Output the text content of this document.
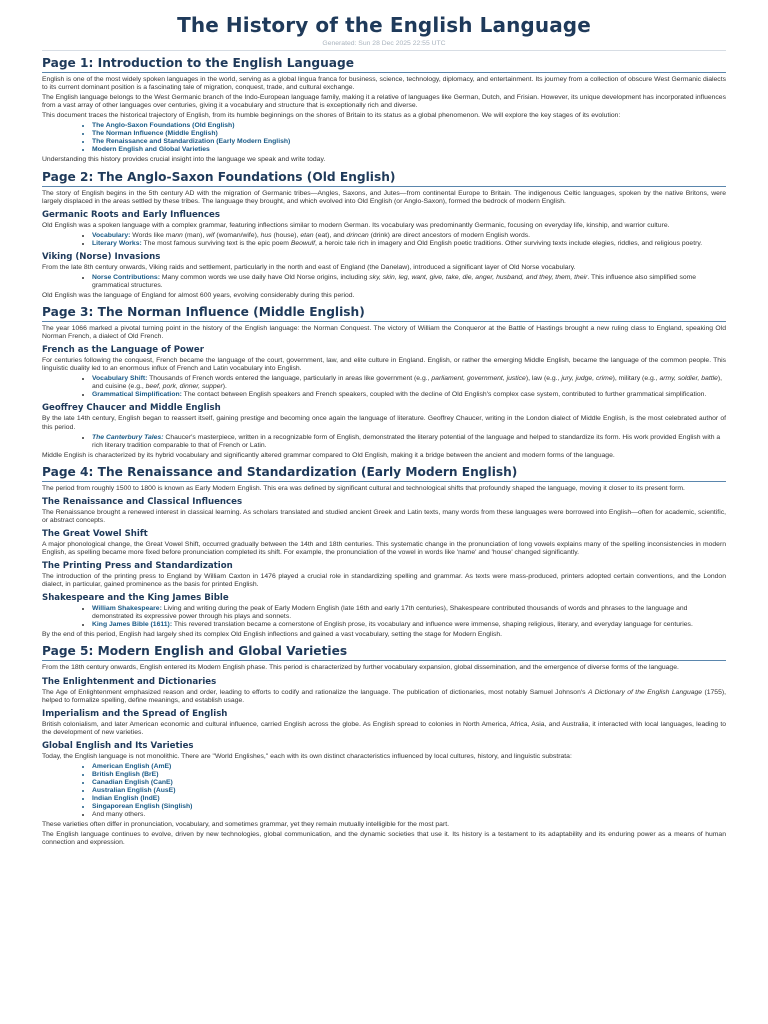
The History of the English Language
Generated: Sun 28 Dec 2025 22:55 UTC
Page 1: Introduction to the English Language

English is one of the most widely spoken languages in the world, serving as a global lingua franca for business, science, technology, diplomacy, and entertainment. Its journey from a collection of obscure West Germanic dialects to its current dominant position is a fascinating tale of migration, conquest, trade, and cultural exchange.

The English language belongs to the West Germanic branch of the Indo-European language family, making it a relative of languages like German, Dutch, and Frisian. However, its unique development has incorporated influences from a vast array of other languages over centuries, giving it a vocabulary and structure that is exceptionally rich and diverse.

This document traces the historical trajectory of English, from its humble beginnings on the shores of Britain to its status as a global phenomenon. We will explore the key stages of its evolution:

• The Anglo-Saxon Foundations (Old English)
• The Norman Influence (Middle English)
• The Renaissance and Standardization (Early Modern English)
• Modern English and Global Varieties

Understanding this history provides crucial insight into the language we speak and write today.

Page 2: The Anglo-Saxon Foundations (Old English)

The story of English begins in the 5th century AD with the migration of Germanic tribes—Angles, Saxons, and Jutes—from continental Europe to Britain. The indigenous Celtic languages, spoken by the native Britons, were largely displaced in the areas settled by these tribes. The language they brought, and which evolved into Old English (or Anglo-Saxon), formed the bedrock of modern English.

Germanic Roots and Early Influences

Old English was a spoken language with a complex grammar, featuring inflections similar to modern German. Its vocabulary was predominantly Germanic, focusing on everyday life, kinship, and warrior culture.

• Vocabulary: Words like mann (man), wif (woman/wife), hus (house), etan (eat), and drincan (drink) are direct ancestors of modern English words.
• Literary Works: The most famous surviving text is the epic poem Beowulf, a heroic tale rich in imagery and Old English poetic traditions. Other surviving texts include elegies, riddles, and religious poetry.
Viking (Norse) Invasions

From the late 8th century onwards, Viking raids and settlement, particularly in the north and east of England (the Danelaw), introduced a significant layer of Old Norse vocabulary.

• Norse Contributions: Many common words we use daily have Old Norse origins, including sky, skin, leg, want, give, take, die, anger, husband, and they, them, their. This influence also simplified some grammatical structures.

Old English was the language of England for almost 600 years, evolving considerably during this period.

Page 3: The Norman Influence (Middle English)

The year 1066 marked a pivotal turning point in the history of the English language: the Norman Conquest. The victory of William the Conqueror at the Battle of Hastings brought a new ruling class to England, speaking Old Norman French, a dialect of Old French.

French as the Language of Power

For centuries following the conquest, French became the language of the court, government, law, and elite culture in England. English, or rather the emerging Middle English, became the language of the common people. This linguistic duality led to an enormous influx of French and Latin vocabulary into English.

• Vocabulary Shift: Thousands of French words entered the language, particularly in areas like government (e.g., parliament, government, justice), law (e.g., jury, judge, crime), military (e.g., army, soldier, battle), and cuisine (e.g., beef, pork, dinner, supper).
• Grammatical Simplification: The contact between English speakers and French speakers, coupled with the decline of Old English's complex case system, contributed to further grammatical simplification.
Geoffrey Chaucer and Middle English

By the late 14th century, English began to reassert itself, gaining prestige and becoming once again the language of literature. Geoffrey Chaucer, writing in the London dialect of Middle English, is the most celebrated author of this period.

• The Canterbury Tales: Chaucer's masterpiece, written in a recognizable form of English, demonstrated the literary potential of the language and helped to standardize its form. His work provided English with a rich literary tradition comparable to that of French or Latin.

Middle English is characterized by its hybrid vocabulary and significantly altered grammar compared to Old English, making it a bridge between the ancient and modern forms of the language.

Page 4: The Renaissance and Standardization (Early Modern English)

The period from roughly 1500 to 1800 is known as Early Modern English. This era was defined by significant cultural and technological shifts that profoundly shaped the language, moving it closer to its present form.

The Renaissance and Classical Influences

The Renaissance brought a renewed interest in classical learning. As scholars translated and studied ancient Greek and Latin texts, many words from these languages were borrowed into English—often for academic, scientific, or abstract concepts.

The Great Vowel Shift

A major phonological change, the Great Vowel Shift, occurred gradually between the 14th and 18th centuries. This systematic change in the pronunciation of long vowels explains many of the spelling inconsistencies in modern English, as spelling became more fixed before pronunciation completed its shift. For example, the pronunciation of the vowel in words like 'name' and 'house' changed significantly.

The Printing Press and Standardization

The introduction of the printing press to England by William Caxton in 1476 played a crucial role in standardizing spelling and grammar. As texts were mass-produced, printers adopted certain conventions, and the London dialect, in particular, gained prominence as the basis for printed English.

Shakespeare and the King James Bible
• William Shakespeare: Living and writing during the peak of Early Modern English (late 16th and early 17th centuries), Shakespeare contributed thousands of words and phrases to the language and demonstrated its expressive power through his plays and sonnets.
• King James Bible (1611): This revered translation became a cornerstone of English prose, its vocabulary and influence were immense, shaping religious, literary, and everyday language for centuries.

By the end of this period, English had largely shed its complex Old English inflections and gained a vast vocabulary, setting the stage for Modern English.

Page 5: Modern English and Global Varieties

From the 18th century onwards, English entered its Modern English phase. This period is characterized by further vocabulary expansion, global dissemination, and the emergence of diverse forms of the language.

The Enlightenment and Dictionaries

The Age of Enlightenment emphasized reason and order, leading to efforts to codify and rationalize the language. The publication of dictionaries, most notably Samuel Johnson's A Dictionary of the English Language (1755), helped to formalize spelling, define meanings, and establish usage.

Imperialism and the Spread of English

British colonialism, and later American economic and cultural influence, carried English across the globe. As English spread to colonies in North America, Africa, Asia, and Australia, it interacted with local languages, leading to the development of new varieties.

Global English and Its Varieties

Today, the English language is not monolithic. There are "World Englishes," each with its own distinct characteristics influenced by local cultures, history, and linguistic substrata:

• American English (AmE)
• British English (BrE)
• Canadian English (CanE)
• Australian English (AusE)
• Indian English (IndE)
• Singaporean English (Singlish)
• And many others.

These varieties often differ in pronunciation, vocabulary, and sometimes grammar, yet they remain mutually intelligible for the most part.

The English language continues to evolve, driven by new technologies, global communication, and the dynamic societies that use it. Its history is a testament to its adaptability and its enduring power as a means of human connection and expression.
